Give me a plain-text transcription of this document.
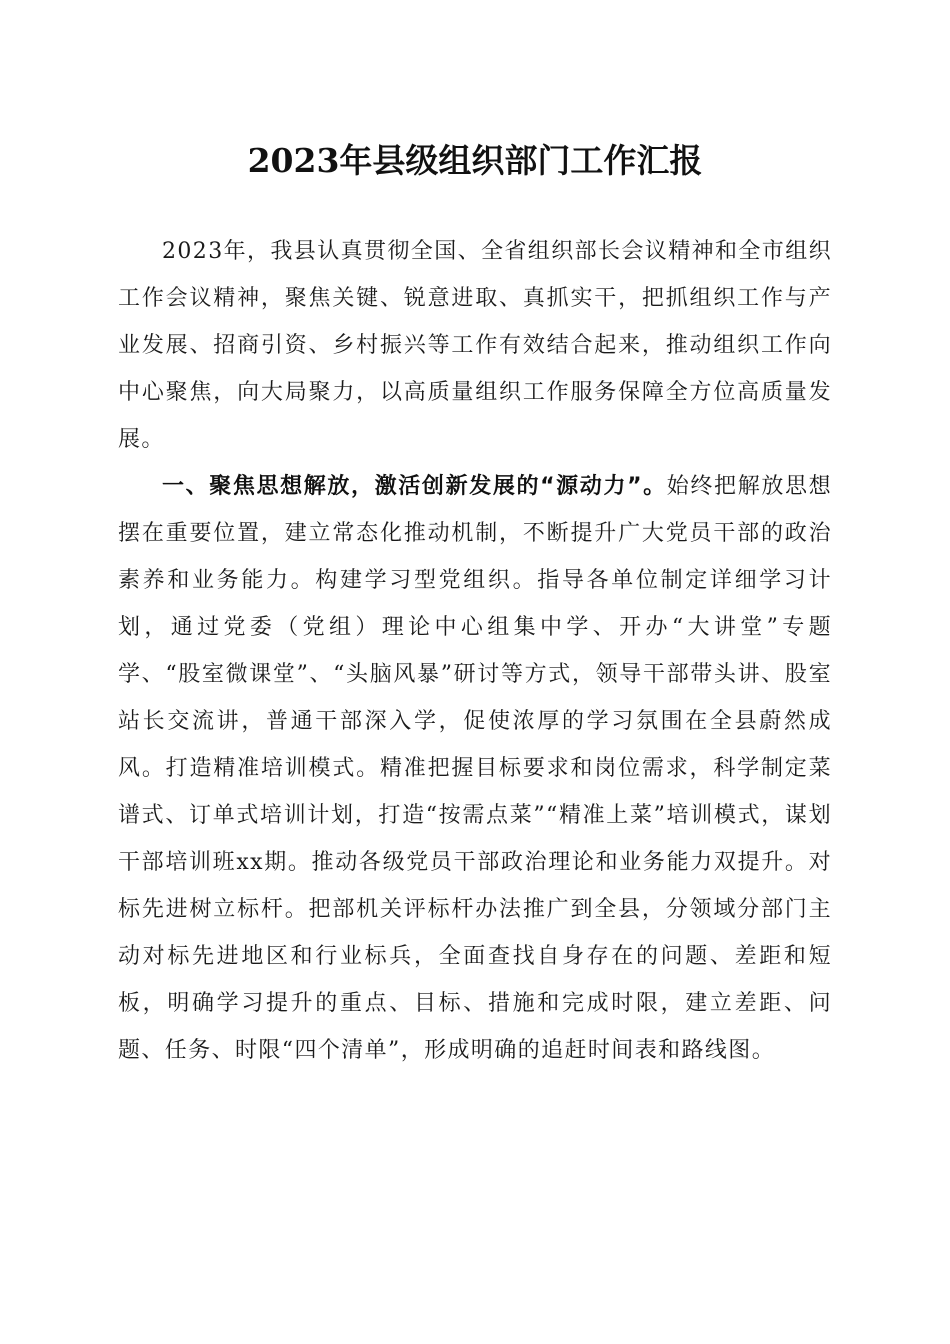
2023年县级组织部门工作汇报

2023年，我县认真贯彻全国、全省组织部长会议精神和全市组织工作会议精神，聚焦关键、锐意进取、真抓实干，把抓组织工作与产业发展、招商引资、乡村振兴等工作有效结合起来，推动组织工作向中心聚焦，向大局聚力，以高质量组织工作服务保障全方位高质量发展。

一、聚焦思想解放，激活创新发展的“源动力”。始终把解放思想摆在重要位置，建立常态化推动机制，不断提升广大党员干部的政治素养和业务能力。构建学习型党组织。指导各单位制定详细学习计划，通过党委（党组）理论中心组集中学、开办“大讲堂”专题学、“股室微课堂”、“头脑风暴”研讨等方式，领导干部带头讲、股室站长交流讲，普通干部深入学，促使浓厚的学习氛围在全县蔚然成风。打造精准培训模式。精准把握目标要求和岗位需求，科学制定菜谱式、订单式培训计划，打造“按需点菜”“精准上菜”培训模式，谋划干部培训班xx期。推动各级党员干部政治理论和业务能力双提升。对标先进树立标杆。把部机关评标杆办法推广到全县，分领域分部门主动对标先进地区和行业标兵，全面查找自身存在的问题、差距和短板，明确学习提升的重点、目标、措施和完成时限，建立差距、问题、任务、时限“四个清单”，形成明确的追赶时间表和路线图。
